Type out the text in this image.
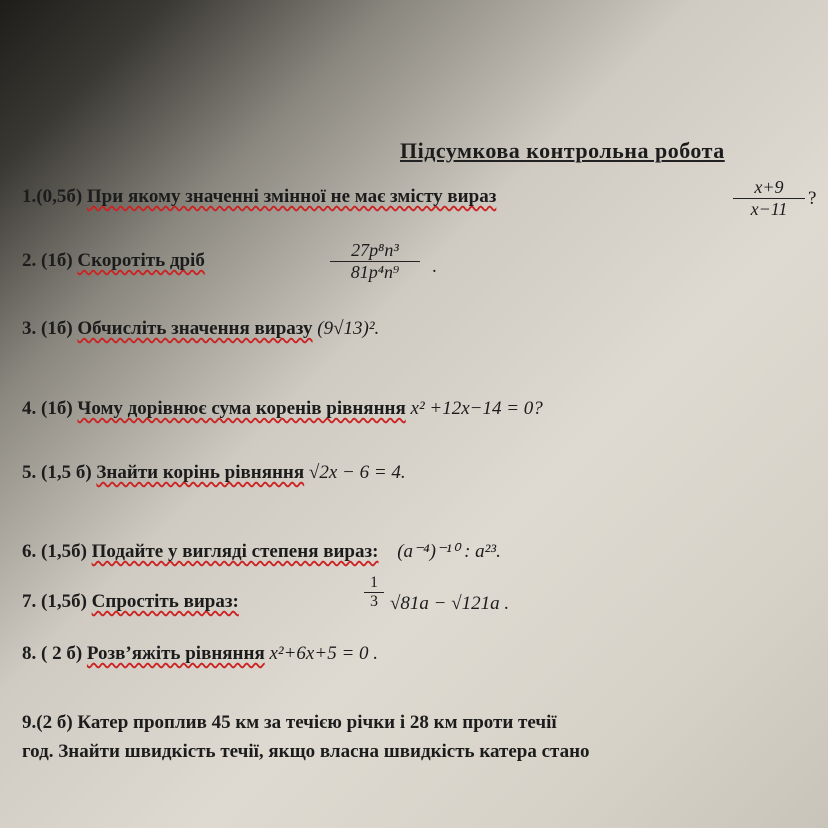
Підсумкова контрольна робота
1.(0,5б) При якому значенні змінної не має змісту вираз	$\frac{x+9}{x-11}$ ?
2. (1б) Скоротіть дріб	$\frac{\text{27p⁸n³}}{\text{81p⁴n⁹}}$ .
3. (1б) Обчисліть значення виразу (9√13)².
4. (1б) Чому дорівнює сума коренів рівняння x² +12x−14 = 0?
5. (1,5 б) Знайти корінь рівняння √2x − 6 = 4.
6. (1,5б) Подайте у вигляді степеня вираз: (a⁻⁴)⁻¹⁰ : a²³.
7. (1,5б) Спростіть вираз:	$\frac{1}{3} √81a - √121a$ .
8. ( 2 б) Розв’яжіть рівняння x²+6x+5 = 0 .
9.(2 б) Катер проплив 45 км за течією річки і 28 км проти течії
год. Знайти швидкість течії, якщо власна швидкість катера стано
